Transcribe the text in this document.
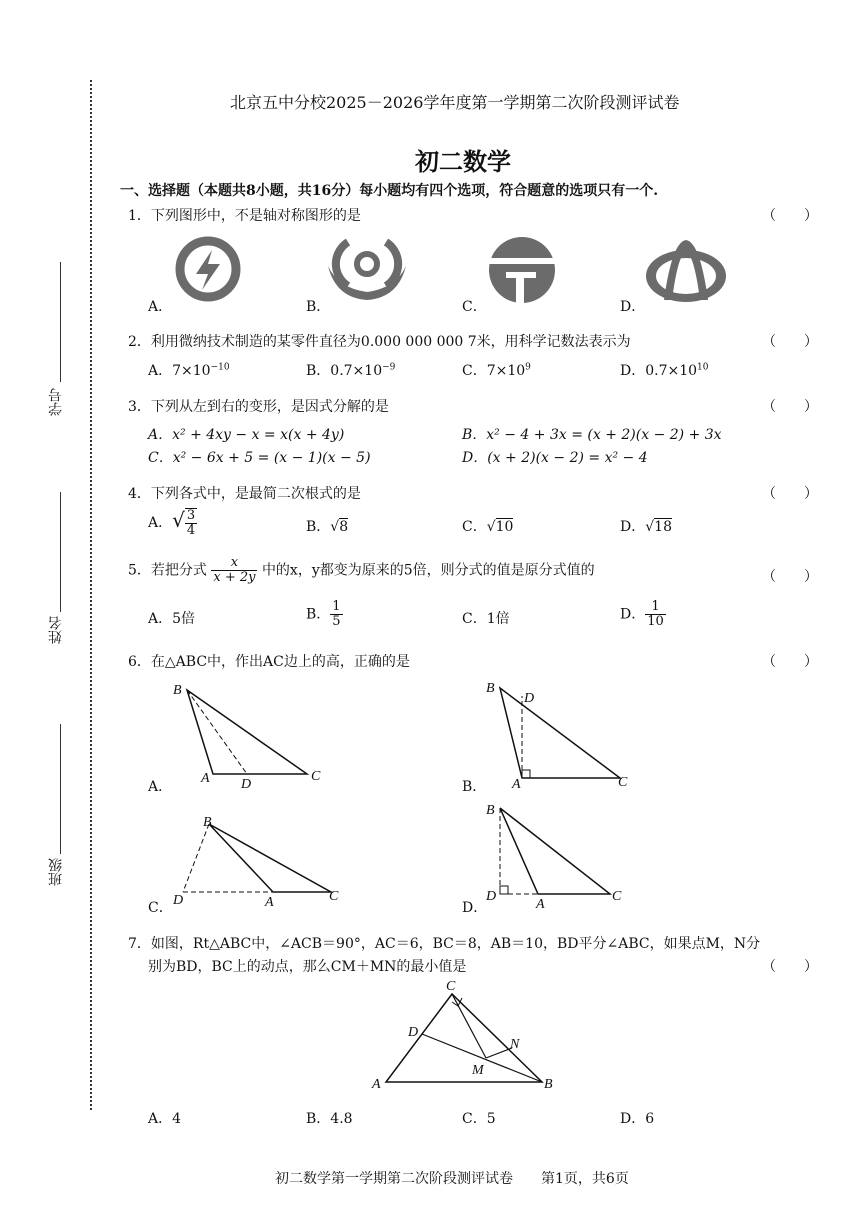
学号
姓名
班级
北京五中分校2025－2026学年度第一学期第二次阶段测评试卷
初二数学
一、选择题（本题共8小题，共16分）每小题均有四个选项，符合题意的选项只有一个.
1．下列图形中，不是轴对称图形的是	（　　）
A．	B．	C．	D．
2．利用微纳技术制造的某零件直径为0.000 000 000 7米，用科学记数法表示为	（　　）
A．$7\times 10^{-10}$	B．$0.7\times 10^{-9}$	C．$7\times 10^9$	D．$0.7\times 10^{10}$
3．下列从左到右的变形，是因式分解的是	（　　）
A．x² + 4xy − x = x(x + 4y)	B．x² − 4 + 3x = (x + 2)(x − 2) + 3x
C．x² − 6x + 5 = (x − 1)(x − 5)	D．(x + 2)(x − 2) = x² − 4
4．下列各式中，是最简二次根式的是	（　　）
A．√ $\frac{3}{4}$	B．√8	C．√10	D．√18
5．若把分式 $\frac{x}{x + 2y}$ 中的x，y都变为原来的5倍，则分式的值是原分式值的	（　　）
A．5倍	B． $\frac{1}{5}$	C．1倍	D． $\frac{1}{10}$
6．在△ABC中，作出AC边上的高，正确的是	（　　）
B
A D
C
A．
B
D
A	C
B．
B
D	A	C
C．
B
D
A
C
D．
7．如图，Rt△ABC中，∠ACB＝90°，AC＝6，BC＝8，AB＝10，BD平分∠ABC，如果点M，N分
别为BD，BC上的动点，那么CM＋MN的最小值是	（　　）
C
D
N
M
A	B
A．4	B．4.8	C．5	D．6
初二数学第一学期第二次阶段测评试卷　　第1页，共6页
